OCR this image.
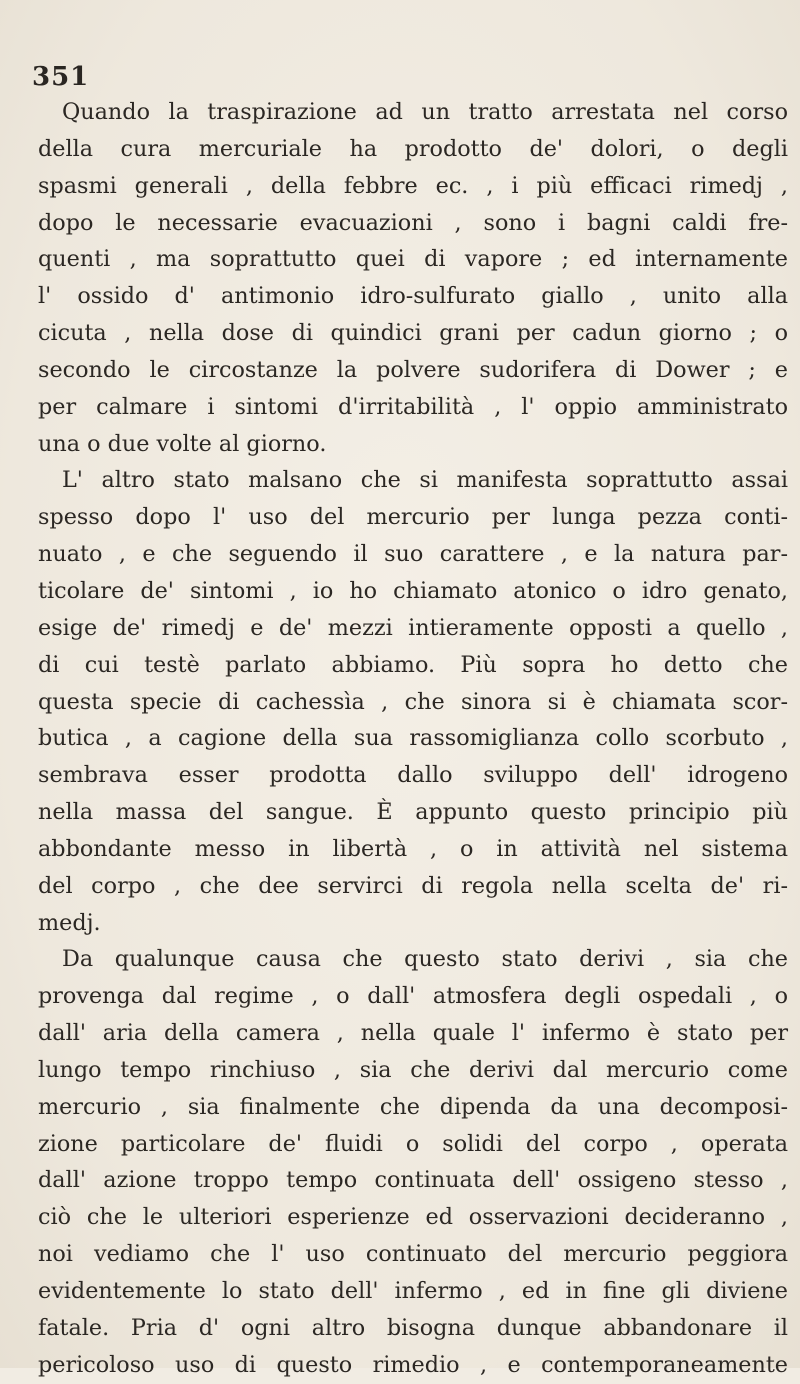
351
Quando la traspirazione ad un tratto arrestata nel corso
della cura mercuriale ha prodotto de' dolori, o degli
spasmi generali , della febbre ec. , i più efficaci rimedj ,
dopo le necessarie evacuazioni , sono i bagni caldi fre-
quenti , ma soprattutto quei di vapore ; ed internamente
l' ossido d' antimonio idro-sulfurato giallo , unito alla
cicuta , nella dose di quindici grani per cadun giorno ; o
secondo le circostanze la polvere sudorifera di Dower ; e
per calmare i sintomi d'irritabilità , l' oppio amministrato
una o due volte al giorno.
L' altro stato malsano che si manifesta soprattutto assai
spesso dopo l' uso del mercurio per lunga pezza conti-
nuato , e che seguendo il suo carattere , e la natura par-
ticolare de' sintomi , io ho chiamato atonico o idro genato,
esige de' rimedj e de' mezzi intieramente opposti a quello ,
di cui testè parlato abbiamo. Più sopra ho detto che
questa specie di cachessìa , che sinora si è chiamata scor-
butica , a cagione della sua rassomiglianza collo scorbuto ,
sembrava esser prodotta dallo sviluppo dell' idrogeno
nella massa del sangue. È appunto questo principio più
abbondante messo in libertà , o in attività nel sistema
del corpo , che dee servirci di regola nella scelta de' ri-
medj.
Da qualunque causa che questo stato derivi , sia che
provenga dal regime , o dall' atmosfera degli ospedali , o
dall' aria della camera , nella quale l' infermo è stato per
lungo tempo rinchiuso , sia che derivi dal mercurio come
mercurio , sia finalmente che dipenda da una decomposi-
zione particolare de' fluidi o solidi del corpo , operata
dall' azione troppo tempo continuata dell' ossigeno stesso ,
ciò che le ulteriori esperienze ed osservazioni decideranno ,
noi vediamo che l' uso continuato del mercurio peggiora
evidentemente lo stato dell' infermo , ed in fine gli diviene
fatale. Pria d' ogni altro bisogna dunque abbandonare il
pericoloso uso di questo rimedio , e contemporaneamente
